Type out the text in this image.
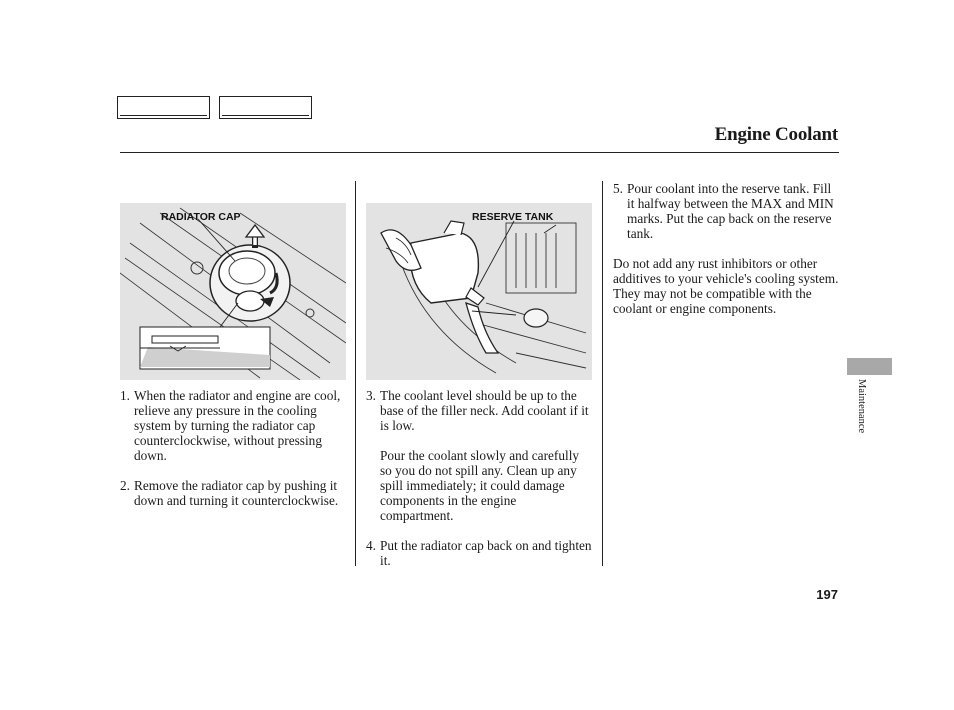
Engine Coolant
RADIATOR CAP	RESERVE TANK
1. When the radiator and engine are cool, relieve any pressure in the cooling system by turning the radiator cap counterclockwise, without pressing down.
2. Remove the radiator cap by pushing it down and turning it counterclockwise.
3. The coolant level should be up to the base of the filler neck. Add coolant if it is low.
Pour the coolant slowly and carefully so you do not spill any. Clean up any spill immediately; it could damage components in the engine compartment.
4. Put the radiator cap back on and tighten it.
5. Pour coolant into the reserve tank. Fill it halfway between the MAX and MIN marks. Put the cap back on the reserve tank.

Do not add any rust inhibitors or other additives to your vehicle's cooling system. They may not be compatible with the coolant or engine components.

Maintenance
197
